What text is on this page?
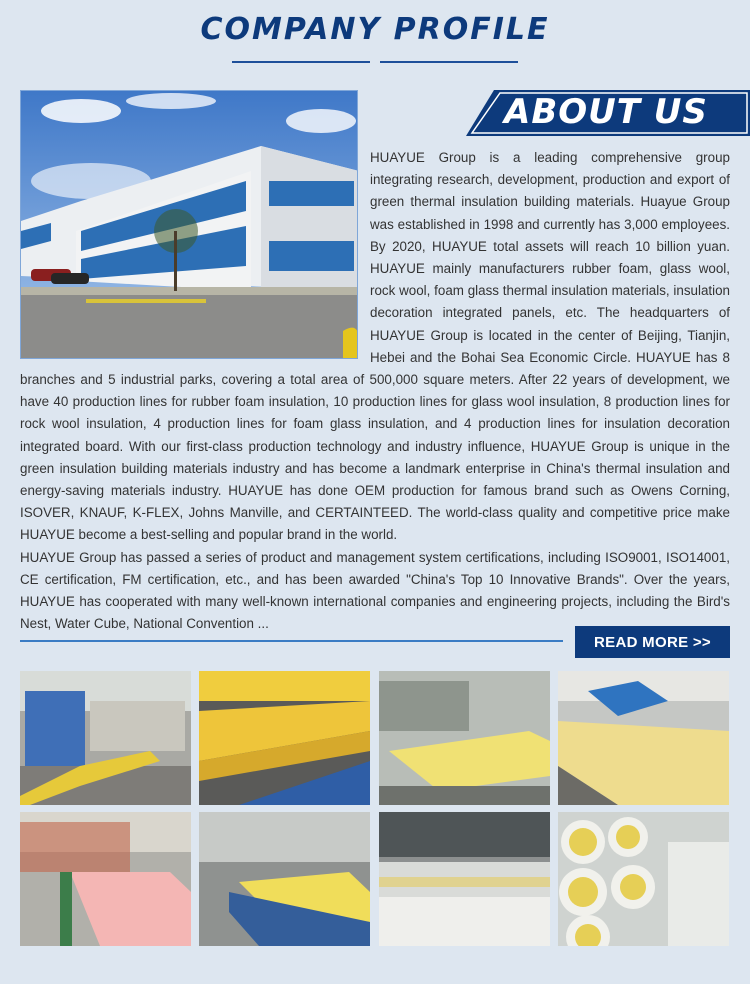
COMPANY PROFILE
ABOUT US

HUAYUE Group is a leading comprehensive group integrating research, development, production and export of green thermal insulation building materials. Huayue Group was established in 1998 and currently has 3,000 employees. By 2020, HUAYUE total assets will reach 10 billion yuan. HUAYUE mainly manufacturers rubber foam, glass wool, rock wool, foam glass thermal insulation materials, insulation decoration integrated panels, etc. The headquarters of HUAYUE Group is located in the center of Beijing, Tianjin, Hebei and the Bohai Sea Economic Circle. HUAYUE has 8 branches and 5 industrial parks, covering a total area of 500,000 square meters. After 22 years of development, we have 40 production lines for rubber foam insulation, 10 production lines for glass wool insulation, 8 production lines for rock wool insulation, 4 production lines for foam glass insulation, and 4 production lines for insulation decoration integrated board. With our first-class production technology and industry influence, HUAYUE Group is unique in the green insulation building materials industry and has become a landmark enterprise in China's thermal insulation and energy-saving materials industry. HUAYUE has done OEM production for famous brand such as Owens Corning, ISOVER, KNAUF, K-FLEX, Johns Manville, and CERTAINTEED. The world-class quality and competitive price make HUAYUE become a best-selling and popular brand in the world.

HUAYUE Group has passed a series of product and management system certifications, including ISO9001, ISO14001, CE certification, FM certification, etc., and has been awarded "China's Top 10 Innovative Brands". Over the years, HUAYUE has cooperated with many well-known international companies and engineering projects, including the Bird's Nest, Water Cube, National Convention ...

READ MORE >>
